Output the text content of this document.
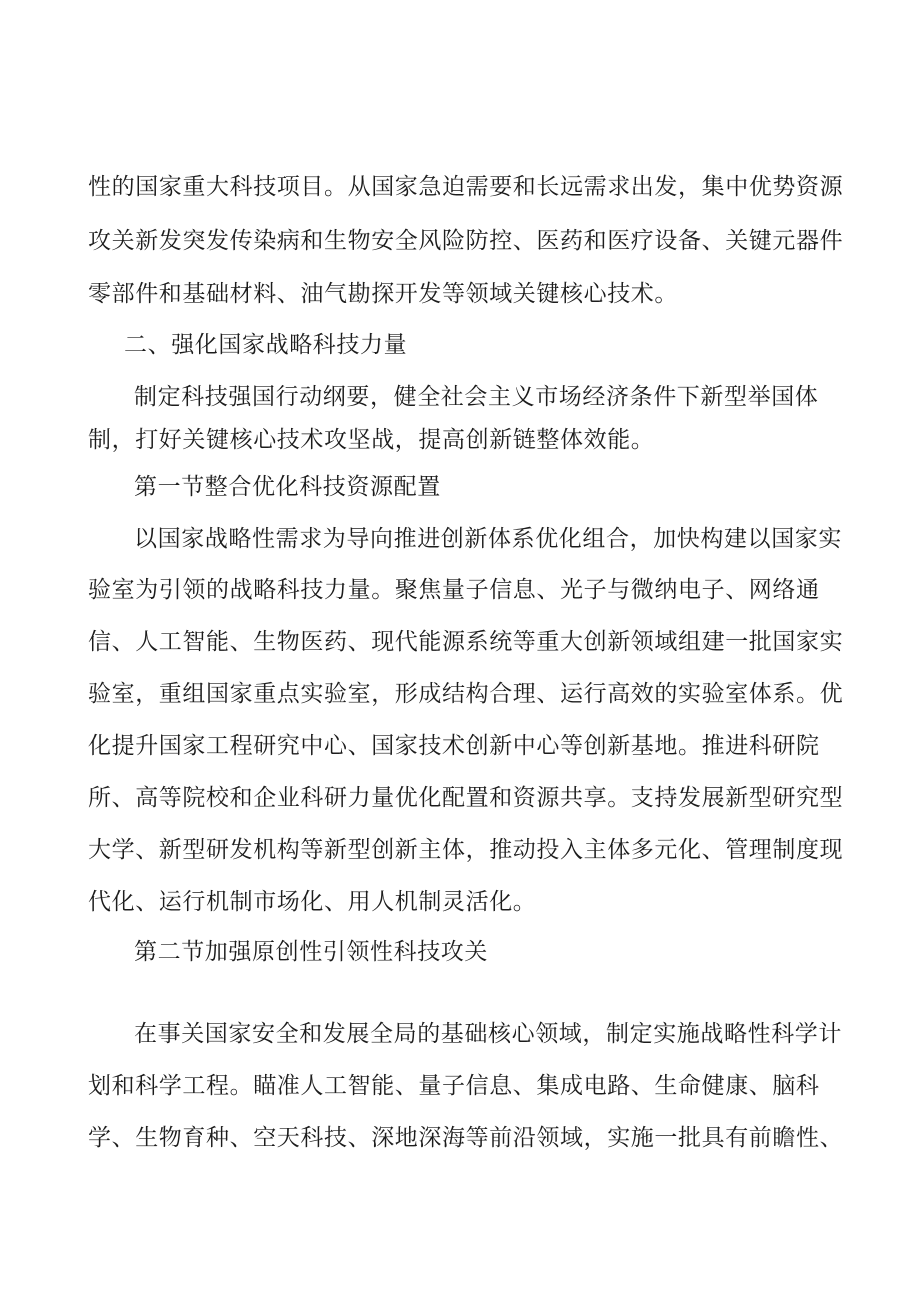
性的国家重大科技项目。从国家急迫需要和长远需求出发，集中优势资源
攻关新发突发传染病和生物安全风险防控、医药和医疗设备、关键元器件
零部件和基础材料、油气勘探开发等领域关键核心技术。
二、强化国家战略科技力量
制定科技强国行动纲要，健全社会主义市场经济条件下新型举国体
制，打好关键核心技术攻坚战，提高创新链整体效能。
第一节整合优化科技资源配置
以国家战略性需求为导向推进创新体系优化组合，加快构建以国家实
验室为引领的战略科技力量。聚焦量子信息、光子与微纳电子、网络通
信、人工智能、生物医药、现代能源系统等重大创新领域组建一批国家实
验室，重组国家重点实验室，形成结构合理、运行高效的实验室体系。优
化提升国家工程研究中心、国家技术创新中心等创新基地。推进科研院
所、高等院校和企业科研力量优化配置和资源共享。支持发展新型研究型
大学、新型研发机构等新型创新主体，推动投入主体多元化、管理制度现
代化、运行机制市场化、用人机制灵活化。
第二节加强原创性引领性科技攻关
在事关国家安全和发展全局的基础核心领域，制定实施战略性科学计
划和科学工程。瞄准人工智能、量子信息、集成电路、生命健康、脑科
学、生物育种、空天科技、深地深海等前沿领域，实施一批具有前瞻性、
